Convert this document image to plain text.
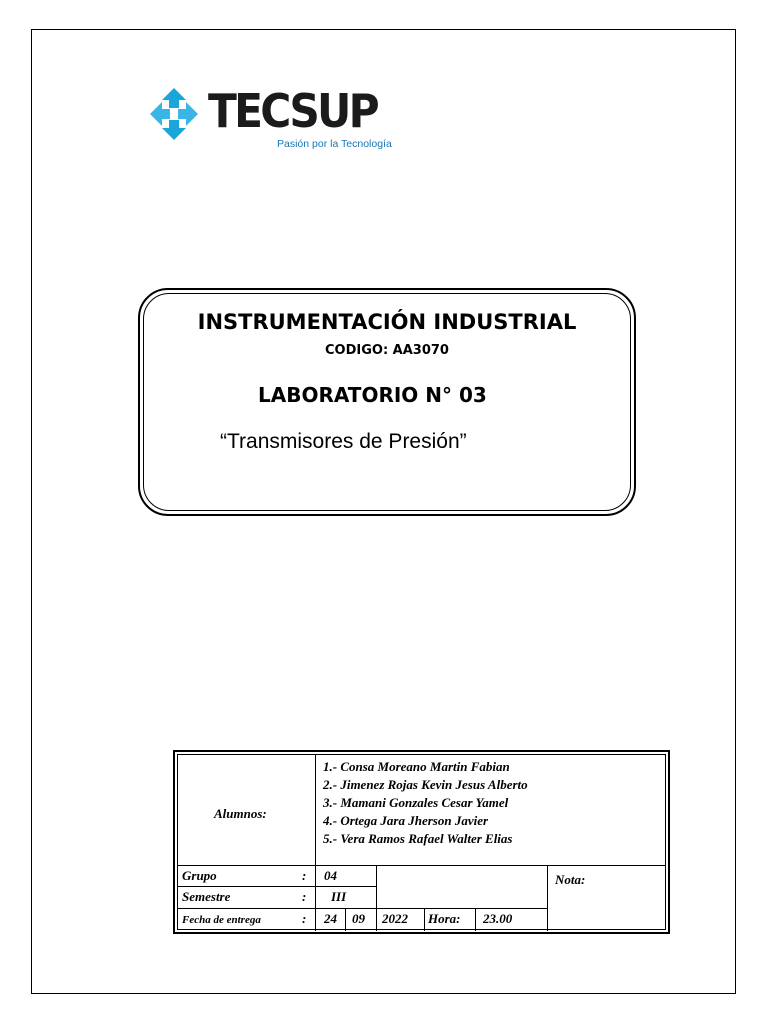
TECSUP
Pasión por la Tecnología
INSTRUMENTACIÓN INDUSTRIAL
CODIGO: AA3070
LABORATORIO N° 03
“Transmisores de Presión”
Alumnos:
1.- Consa Moreano Martin Fabian
2.- Jimenez Rojas Kevin Jesus Alberto
3.- Mamani Gonzales Cesar Yamel
4.- Ortega Jara Jherson Javier
5.- Vera Ramos Rafael Walter Elias
Grupo	: 04
Semestre	: III
Fecha de entrega	: 24 09 2022 Hora: 23.00
Nota:
